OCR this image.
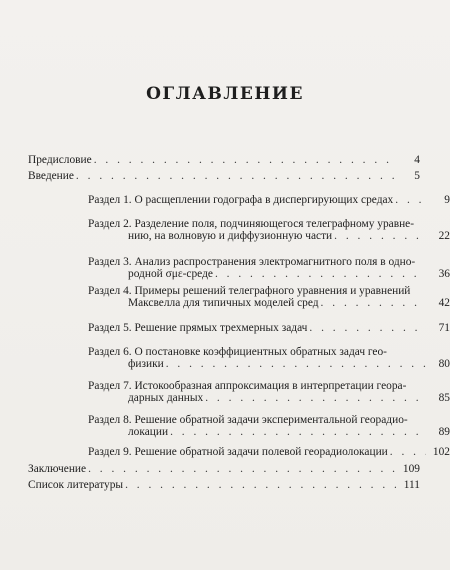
ОГЛАВЛЕНИЕ
Предисловие . . .	4
Введение . . .	5
Раздел 1. О расщеплении годографа в диспергирующих средах . . .	9
Раздел 2. Разделение поля, подчиняющегося телеграфному уравне-
нию, на волновую и диффузионную части . . .	22
Раздел 3. Анализ распространения электромагнитного поля в одно-
родной σμε-среде . . .	36
Раздел 4. Примеры решений телеграфного уравнения и уравнений
Максвелла для типичных моделей сред . . .	42
Раздел 5. Решение прямых трехмерных задач . . .	71
Раздел 6. О постановке коэффициентных обратных задач гео-
физики . . .	80
Раздел 7. Истокообразная аппроксимация в интерпретации георa-
дарных данных . . .	85
Раздел 8. Решение обратной задачи экспериментальной георадио-
локации . . .	89
Раздел 9. Решение обратной задачи полевой георадиолокации . . .	102
Заключение . . .	109
Список литературы . . .	111
